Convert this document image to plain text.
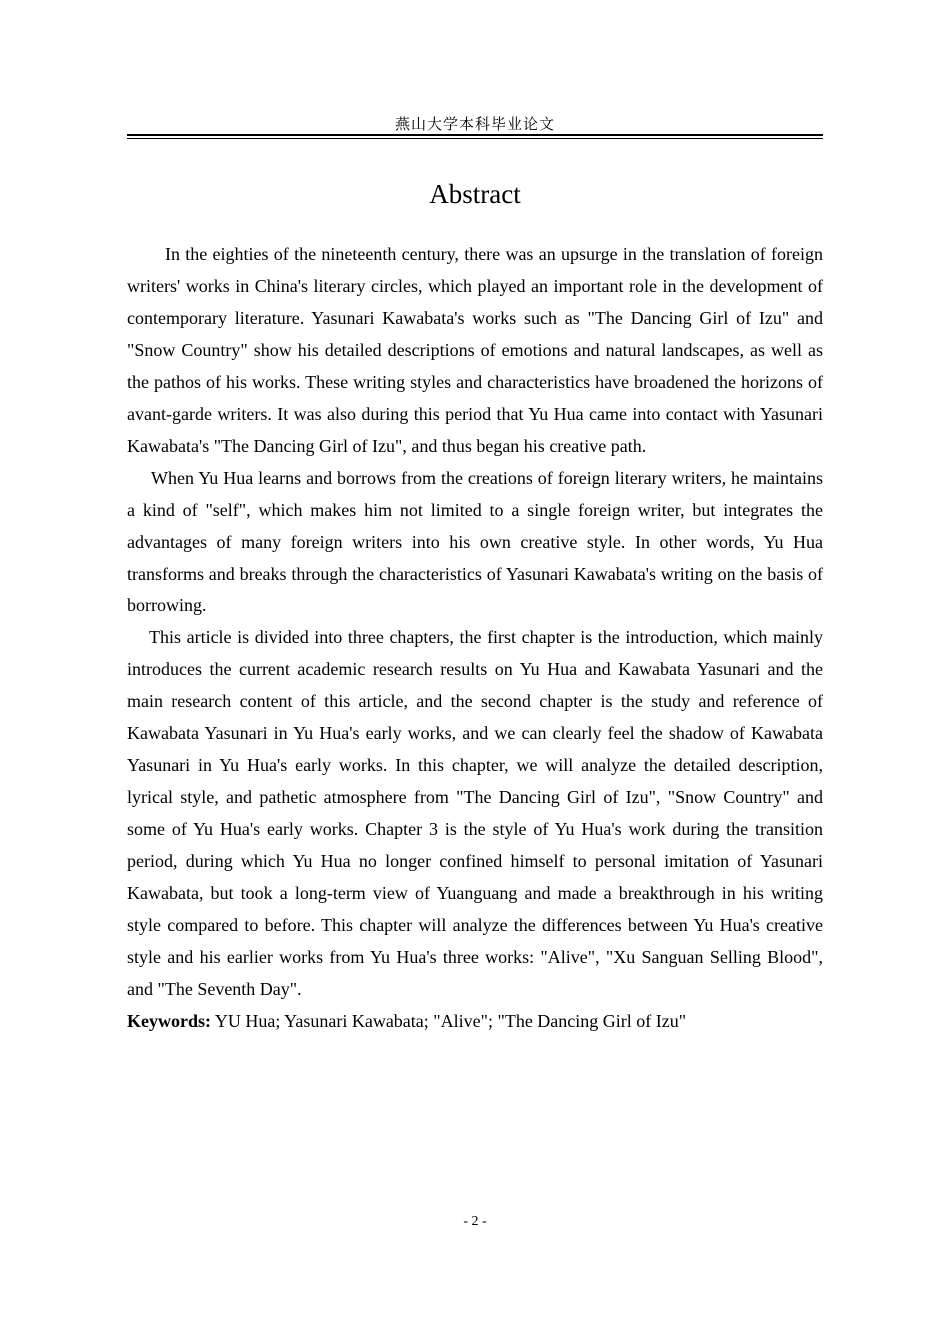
燕山大学本科毕业论文
Abstract

In the eighties of the nineteenth century, there was an upsurge in the translation of foreign writers' works in China's literary circles, which played an important role in the development of contemporary literature. Yasunari Kawabata's works such as "The Dancing Girl of Izu" and "Snow Country" show his detailed descriptions of emotions and natural landscapes, as well as the pathos of his works. These writing styles and characteristics have broadened the horizons of avant-garde writers. It was also during this period that Yu Hua came into contact with Yasunari Kawabata's "The Dancing Girl of Izu", and thus began his creative path.

When Yu Hua learns and borrows from the creations of foreign literary writers, he maintains a kind of "self", which makes him not limited to a single foreign writer, but integrates the advantages of many foreign writers into his own creative style. In other words, Yu Hua transforms and breaks through the characteristics of Yasunari Kawabata's writing on the basis of borrowing.

This article is divided into three chapters, the first chapter is the introduction, which mainly introduces the current academic research results on Yu Hua and Kawabata Yasunari and the main research content of this article, and the second chapter is the study and reference of Kawabata Yasunari in Yu Hua's early works, and we can clearly feel the shadow of Kawabata Yasunari in Yu Hua's early works. In this chapter, we will analyze the detailed description, lyrical style, and pathetic atmosphere from "The Dancing Girl of Izu", "Snow Country" and some of Yu Hua's early works. Chapter 3 is the style of Yu Hua's work during the transition period, during which Yu Hua no longer confined himself to personal imitation of Yasunari Kawabata, but took a long-term view of Yuanguang and made a breakthrough in his writing style compared to before. This chapter will analyze the differences between Yu Hua's creative style and his earlier works from Yu Hua's three works: "Alive", "Xu Sanguan Selling Blood", and "The Seventh Day".

Keywords: YU Hua; Yasunari Kawabata; "Alive"; "The Dancing Girl of Izu"

- 2 -
